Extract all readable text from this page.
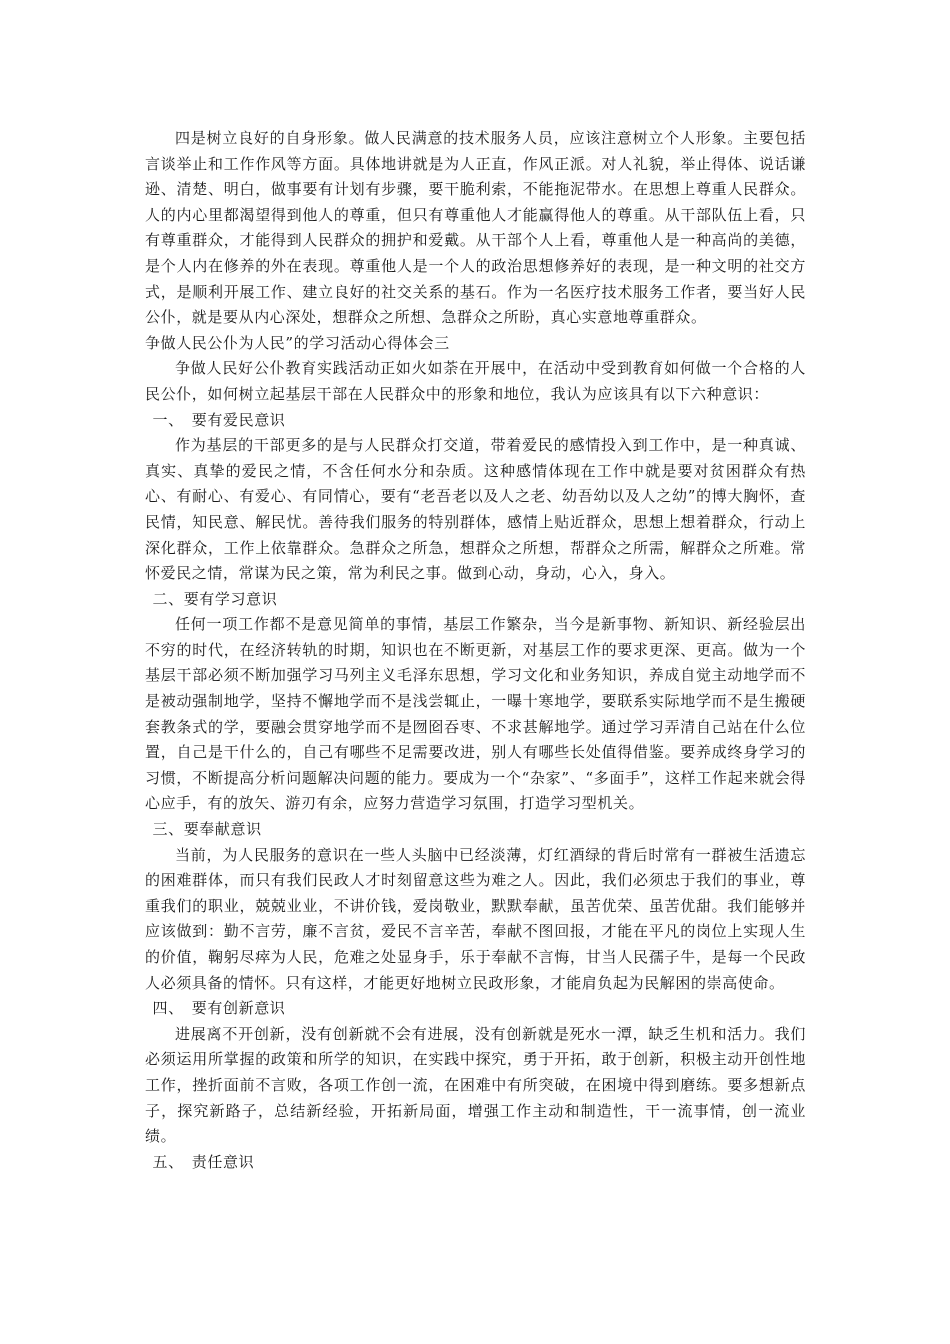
四是树立良好的自身形象。做人民满意的技术服务人员，应该注意树立个人形象。主要包括言谈举止和工作作风等方面。具体地讲就是为人正直，作风正派。对人礼貌，举止得体、说话谦逊、清楚、明白，做事要有计划有步骤，要干脆利索，不能拖泥带水。在思想上尊重人民群众。人的内心里都渴望得到他人的尊重，但只有尊重他人才能赢得他人的尊重。从干部队伍上看，只有尊重群众，才能得到人民群众的拥护和爱戴。从干部个人上看，尊重他人是一种高尚的美德，是个人内在修养的外在表现。尊重他人是一个人的政治思想修养好的表现，是一种文明的社交方式，是顺利开展工作、建立良好的社交关系的基石。作为一名医疗技术服务工作者，要当好人民公仆，就是要从内心深处，想群众之所想、急群众之所盼，真心实意地尊重群众。

争做人民公仆为人民”的学习活动心得体会三

争做人民好公仆教育实践活动正如火如荼在开展中，在活动中受到教育如何做一个合格的人民公仆，如何树立起基层干部在人民群众中的形象和地位，我认为应该具有以下六种意识：

一、　要有爱民意识

作为基层的干部更多的是与人民群众打交道，带着爱民的感情投入到工作中，是一种真诚、真实、真挚的爱民之情，不含任何水分和杂质。这种感情体现在工作中就是要对贫困群众有热心、有耐心、有爱心、有同情心，要有“老吾老以及人之老、幼吾幼以及人之幼”的博大胸怀，查民情，知民意、解民忧。善待我们服务的特别群体，感情上贴近群众，思想上想着群众，行动上深化群众，工作上依靠群众。急群众之所急，想群众之所想，帮群众之所需，解群众之所难。常怀爱民之情，常谋为民之策，常为利民之事。做到心动，身动，心入，身入。

二、要有学习意识

任何一项工作都不是意见简单的事情，基层工作繁杂，当今是新事物、新知识、新经验层出不穷的时代，在经济转轨的时期，知识也在不断更新，对基层工作的要求更深、更高。做为一个基层干部必须不断加强学习马列主义毛泽东思想，学习文化和业务知识，养成自觉主动地学而不是被动强制地学，坚持不懈地学而不是浅尝辄止，一曝十寒地学，要联系实际地学而不是生搬硬套教条式的学，要融会贯穿地学而不是囫囵吞枣、不求甚解地学。通过学习弄清自己站在什么位置，自己是干什么的，自己有哪些不足需要改进，别人有哪些长处值得借鉴。要养成终身学习的习惯，不断提高分析问题解决问题的能力。要成为一个“杂家”、“多面手”，这样工作起来就会得心应手，有的放矢、游刃有余，应努力营造学习氛围，打造学习型机关。

三、要奉献意识

当前，为人民服务的意识在一些人头脑中已经淡薄，灯红酒绿的背后时常有一群被生活遗忘的困难群体，而只有我们民政人才时刻留意这些为难之人。因此，我们必须忠于我们的事业，尊重我们的职业，兢兢业业，不讲价钱，爱岗敬业，默默奉献，虽苦优荣、虽苦优甜。我们能够并应该做到：勤不言劳，廉不言贫，爱民不言辛苦，奉献不图回报，才能在平凡的岗位上实现人生的价值，鞠躬尽瘁为人民，危难之处显身手，乐于奉献不言悔，甘当人民孺子牛，是每一个民政人必须具备的情怀。只有这样，才能更好地树立民政形象，才能肩负起为民解困的崇高使命。

四、　要有创新意识

进展离不开创新，没有创新就不会有进展，没有创新就是死水一潭，缺乏生机和活力。我们必须运用所掌握的政策和所学的知识，在实践中探究，勇于开拓，敢于创新，积极主动开创性地工作，挫折面前不言败，各项工作创一流，在困难中有所突破，在困境中得到磨练。要多想新点子，探究新路子，总结新经验，开拓新局面，增强工作主动和制造性，干一流事情，创一流业绩。

五、　责任意识
